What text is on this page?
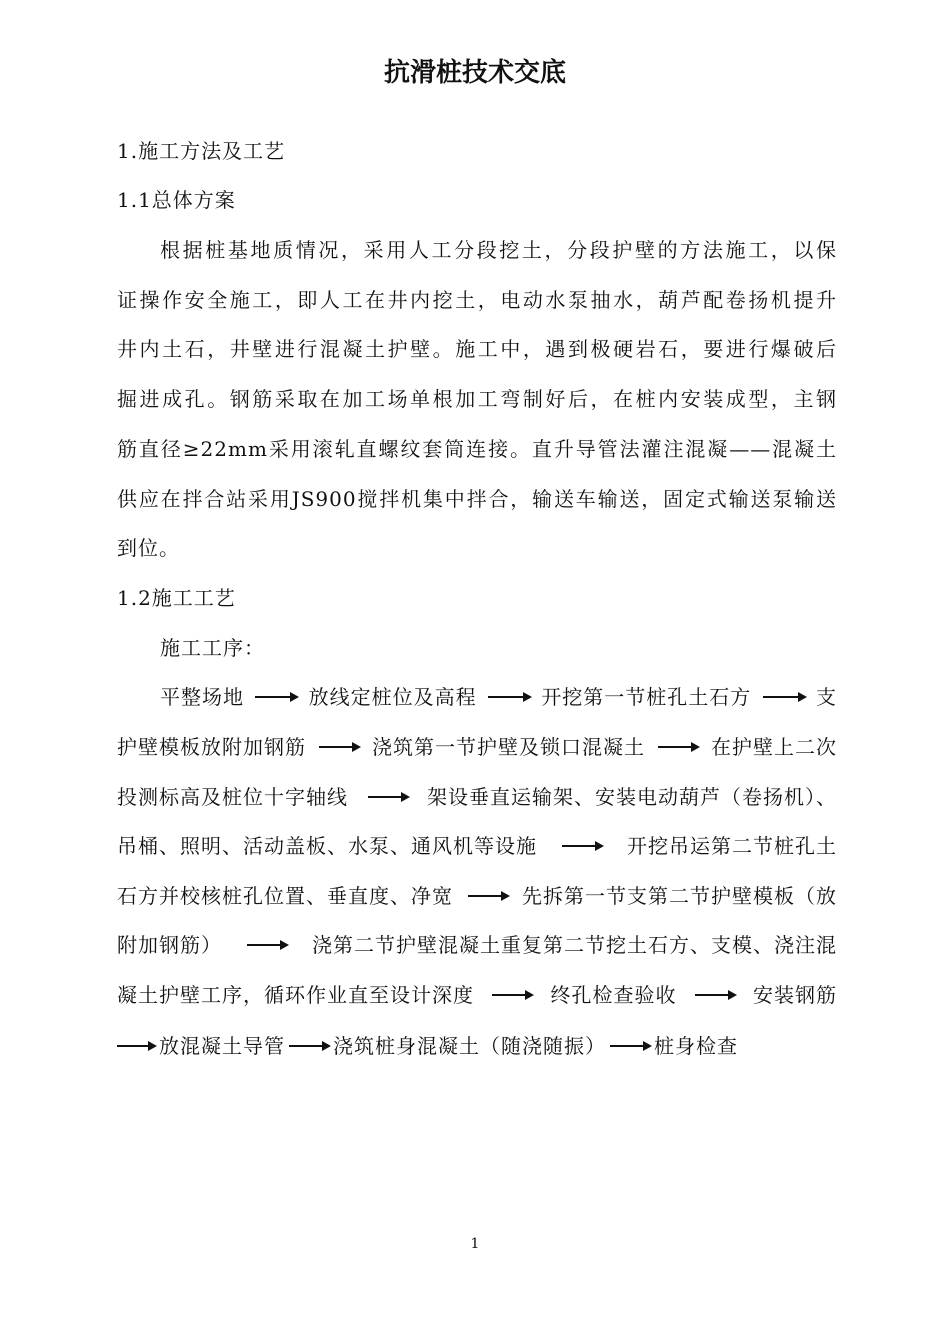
抗滑桩技术交底
1.施工方法及工艺
1.1总体方案
根据桩基地质情况，采用人工分段挖土，分段护壁的方法施工，以保
证操作安全施工，即人工在井内挖土，电动水泵抽水，葫芦配卷扬机提升
井内土石，井壁进行混凝土护壁。施工中，遇到极硬岩石，要进行爆破后
掘进成孔。钢筋采取在加工场单根加工弯制好后，在桩内安装成型，主钢
筋直径≥22mm采用滚轧直螺纹套筒连接。直升导管法灌注混凝——混凝土
供应在拌合站采用JS900搅拌机集中拌合，输送车输送，固定式输送泵输送
到位。
1.2施工工艺
施工工序：
平整场地	放线定桩位及高程	开挖第一节桩孔土石方	支
护壁模板放附加钢筋	浇筑第一节护壁及锁口混凝土	在护壁上二次
投测标高及桩位十字轴线	架设垂直运输架、安装电动葫芦（卷扬机）、
吊桶、照明、活动盖板、水泵、通风机等设施	开挖吊运第二节桩孔土
石方并校核桩孔位置、垂直度、净宽	先拆第一节支第二节护壁模板（放
附加钢筋）	浇第二节护壁混凝土重复第二节挖土石方、支模、浇注混
凝土护壁工序，循环作业直至设计深度	终孔检查验收	安装钢筋
放混凝土导管 浇筑桩身混凝土（随浇随振） 桩身检查
1
